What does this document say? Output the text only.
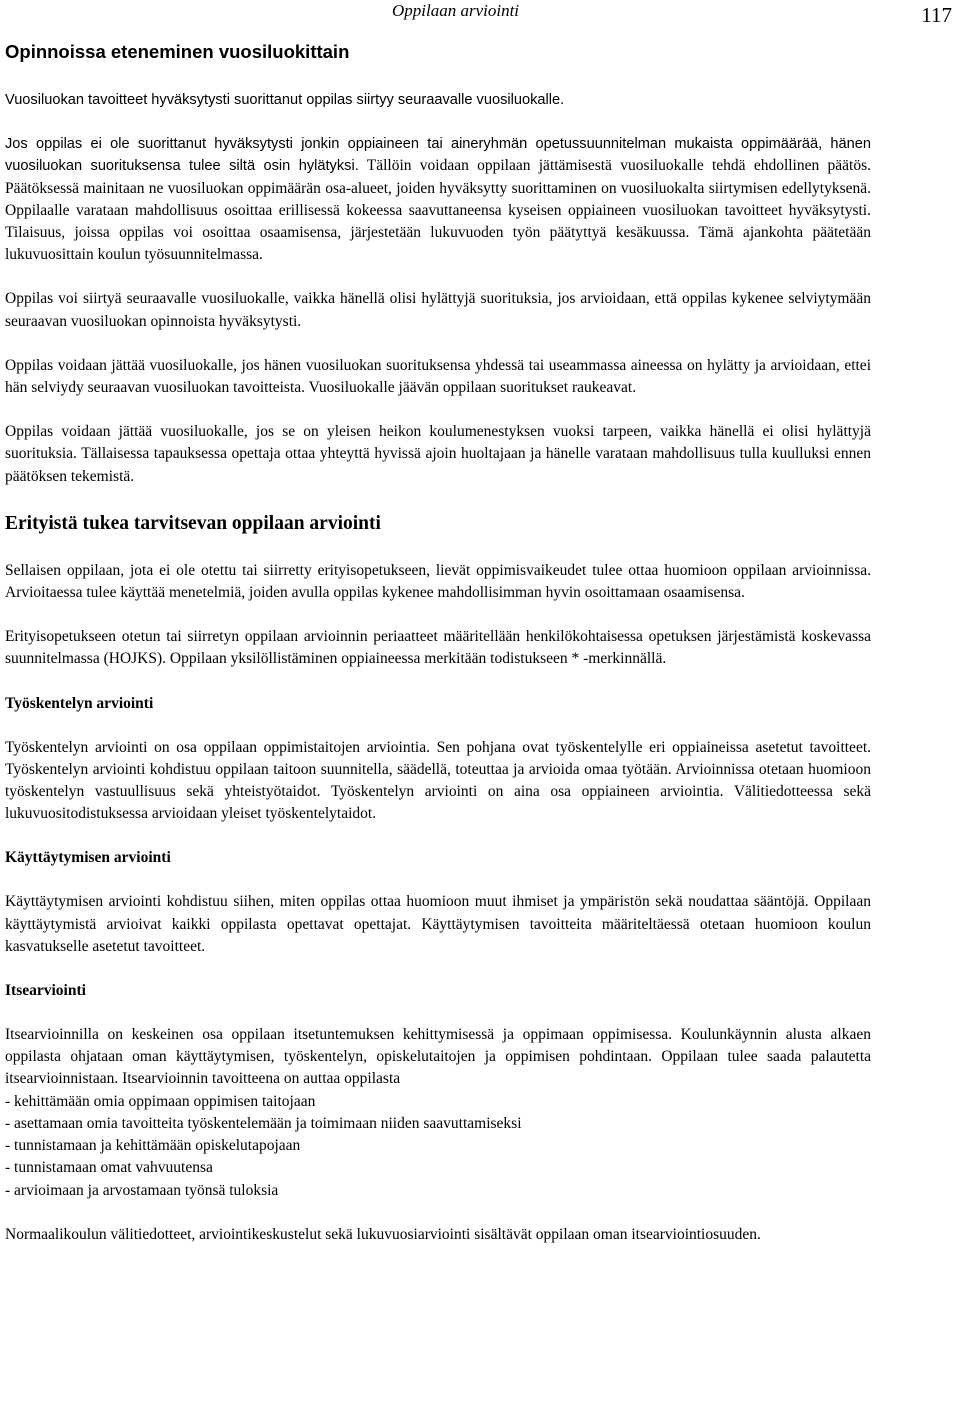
Oppilaan arviointi	117
Opinnoissa eteneminen vuosiluokittain

Vuosiluokan tavoitteet hyväksytysti suorittanut oppilas siirtyy seuraavalle vuosiluokalle.

Jos oppilas ei ole suorittanut hyväksytysti jonkin oppiaineen tai aineryhmän opetussuunnitelman mukaista oppimäärää, hänen vuosiluokan suorituksensa tulee siltä osin hylätyksi. Tällöin voidaan oppilaan jättämisestä vuosiluokalle tehdä ehdollinen päätös. Päätöksessä mainitaan ne vuosiluokan oppimäärän osa-alueet, joiden hyväksytty suorittaminen on vuosiluokalta siirtymisen edellytyksenä. Oppilaalle varataan mahdollisuus osoittaa erillisessä kokeessa saavuttaneensa kyseisen oppiaineen vuosiluokan tavoitteet hyväksytysti. Tilaisuus, joissa oppilas voi osoittaa osaamisensa, järjestetään lukuvuoden työn päätyttyä kesäkuussa. Tämä ajankohta päätetään lukuvuosittain koulun työsuunnitelmassa.

Oppilas voi siirtyä seuraavalle vuosiluokalle, vaikka hänellä olisi hylättyjä suorituksia, jos arvioidaan, että oppilas kykenee selviytymään seuraavan vuosiluokan opinnoista hyväksytysti.

Oppilas voidaan jättää vuosiluokalle, jos hänen vuosiluokan suorituksensa yhdessä tai useammassa aineessa on hylätty ja arvioidaan, ettei hän selviydy seuraavan vuosiluokan tavoitteista. Vuosiluokalle jäävän oppilaan suoritukset raukeavat.

Oppilas voidaan jättää vuosiluokalle, jos se on yleisen heikon koulumenestyksen vuoksi tarpeen, vaikka hänellä ei olisi hylättyjä suorituksia. Tällaisessa tapauksessa opettaja ottaa yhteyttä hyvissä ajoin huoltajaan ja hänelle varataan mahdollisuus tulla kuulluksi ennen päätöksen tekemistä.

Erityistä tukea tarvitsevan oppilaan arviointi

Sellaisen oppilaan, jota ei ole otettu tai siirretty erityisopetukseen, lievät oppimisvaikeudet tulee ottaa huomioon oppilaan arvioinnissa. Arvioitaessa tulee käyttää menetelmiä, joiden avulla oppilas kykenee mahdollisimman hyvin osoittamaan osaamisensa.

Erityisopetukseen otetun tai siirretyn oppilaan arvioinnin periaatteet määritellään henkilökohtaisessa opetuksen järjestämistä koskevassa suunnitelmassa (HOJKS). Oppilaan yksilöllistäminen oppiaineessa merkitään todistukseen * -merkinnällä.

Työskentelyn arviointi

Työskentelyn arviointi on osa oppilaan oppimistaitojen arviointia. Sen pohjana ovat työskentelylle eri oppiaineissa asetetut tavoitteet. Työskentelyn arviointi kohdistuu oppilaan taitoon suunnitella, säädellä, toteuttaa ja arvioida omaa työtään. Arvioinnissa otetaan huomioon työskentelyn vastuullisuus sekä yhteistyötaidot. Työskentelyn arviointi on aina osa oppiaineen arviointia. Välitiedotteessa sekä lukuvuositodistuksessa arvioidaan yleiset työskentelytaidot.

Käyttäytymisen arviointi

Käyttäytymisen arviointi kohdistuu siihen, miten oppilas ottaa huomioon muut ihmiset ja ympäristön sekä noudattaa sääntöjä. Oppilaan käyttäytymistä arvioivat kaikki oppilasta opettavat opettajat. Käyttäytymisen tavoitteita määriteltäessä otetaan huomioon koulun kasvatukselle asetetut tavoitteet.

Itsearviointi

Itsearvioinnilla on keskeinen osa oppilaan itsetuntemuksen kehittymisessä ja oppimaan oppimisessa. Koulunkäynnin alusta alkaen oppilasta ohjataan oman käyttäytymisen, työskentelyn, opiskelutaitojen ja oppimisen pohdintaan. Oppilaan tulee saada palautetta itsearvioinnistaan. Itsearvioinnin tavoitteena on auttaa oppilasta

- kehittämään omia oppimaan oppimisen taitojaan
- asettamaan omia tavoitteita työskentelemään ja toimimaan niiden saavuttamiseksi
- tunnistamaan ja kehittämään opiskelutapojaan
- tunnistamaan omat vahvuutensa
- arvioimaan ja arvostamaan työnsä tuloksia

Normaalikoulun välitiedotteet, arviointikeskustelut sekä lukuvuosiarviointi sisältävät oppilaan oman itsearviointiosuuden.
